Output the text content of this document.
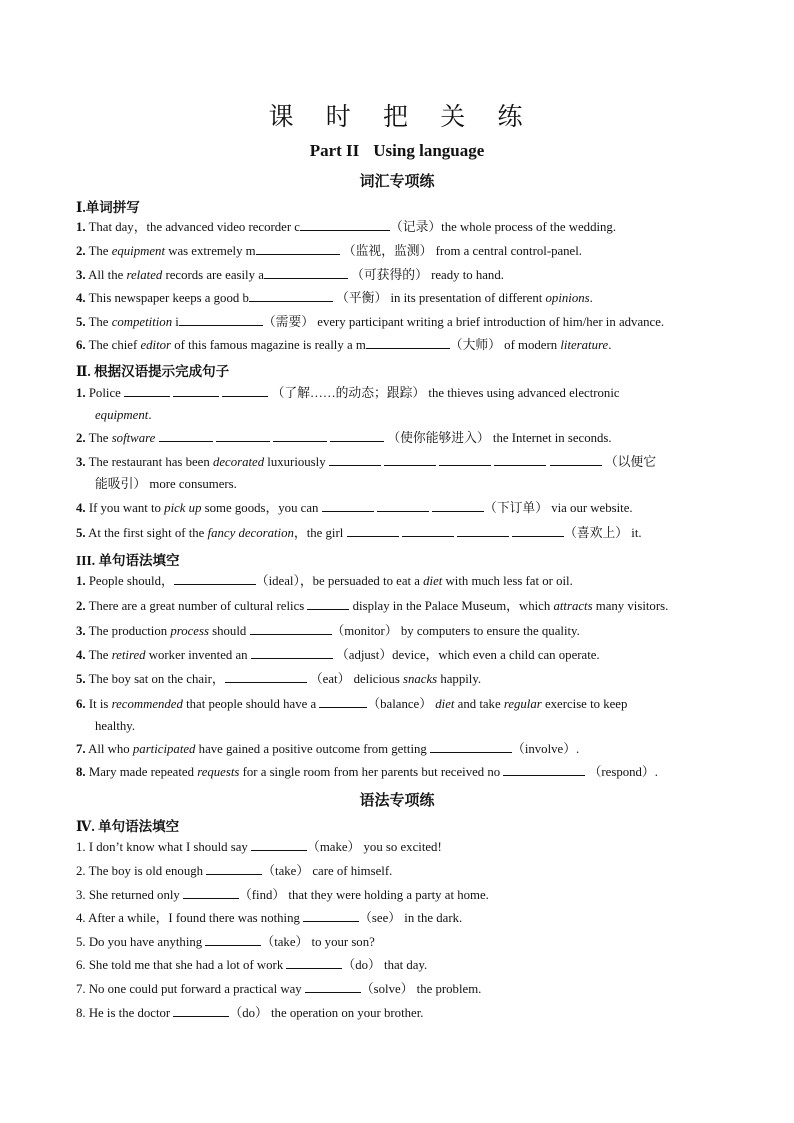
课 时 把 关 练
Part II Using language
词汇专项练
Ⅰ.单词拼写
1. That day，the advanced video recorder c	（记录）the whole process of the wedding.
2. The equipment was extremely m	（监视，监测） from a central control-panel.
3. All the related records are easily a	（可获得的） ready to hand.
4. This newspaper keeps a good b	（平衡） in its presentation of different opinions.
5. The competition i	（需要） every participant writing a brief introduction of him/her in advance.
6. The chief editor of this famous magazine is really a m	（大师） of modern literature.
Ⅱ. 根据汉语提示完成句子
1. Police	（了解……的动态；跟踪） the thieves using advanced electronic
equipment.
2. The software	（使你能够进入） the Internet in seconds.
3. The restaurant has been decorated luxuriously	（以便它
能吸引） more consumers.
4. If you want to pick up some goods，you can	（下订单） via our website.
5. At the first sight of the fancy decoration，the girl	（喜欢上） it.
III. 单句语法填空
1. People should，	（ideal），be persuaded to eat a diet with much less fat or oil.
2. There are a great number of cultural relics	display in the Palace Museum，which attracts many visitors.
3. The production process should	（monitor） by computers to ensure the quality.
4. The retired worker invented an	（adjust）device，which even a child can operate.
5. The boy sat on the chair，	（eat） delicious snacks happily.
6. It is recommended that people should have a	（balance） diet and take regular exercise to keep
healthy.
7. All who participated have gained a positive outcome from getting	（involve）.
8. Mary made repeated requests for a single room from her parents but received no	（respond）.
语法专项练
Ⅳ. 单句语法填空
1. I don’t know what I should say	（make） you so excited!
2. The boy is old enough	（take） care of himself.
3. She returned only	（find） that they were holding a party at home.
4. After a while，I found there was nothing	（see） in the dark.
5. Do you have anything	（take） to your son?
6. She told me that she had a lot of work	（do） that day.
7. No one could put forward a practical way	（solve） the problem.
8. He is the doctor	（do） the operation on your brother.
